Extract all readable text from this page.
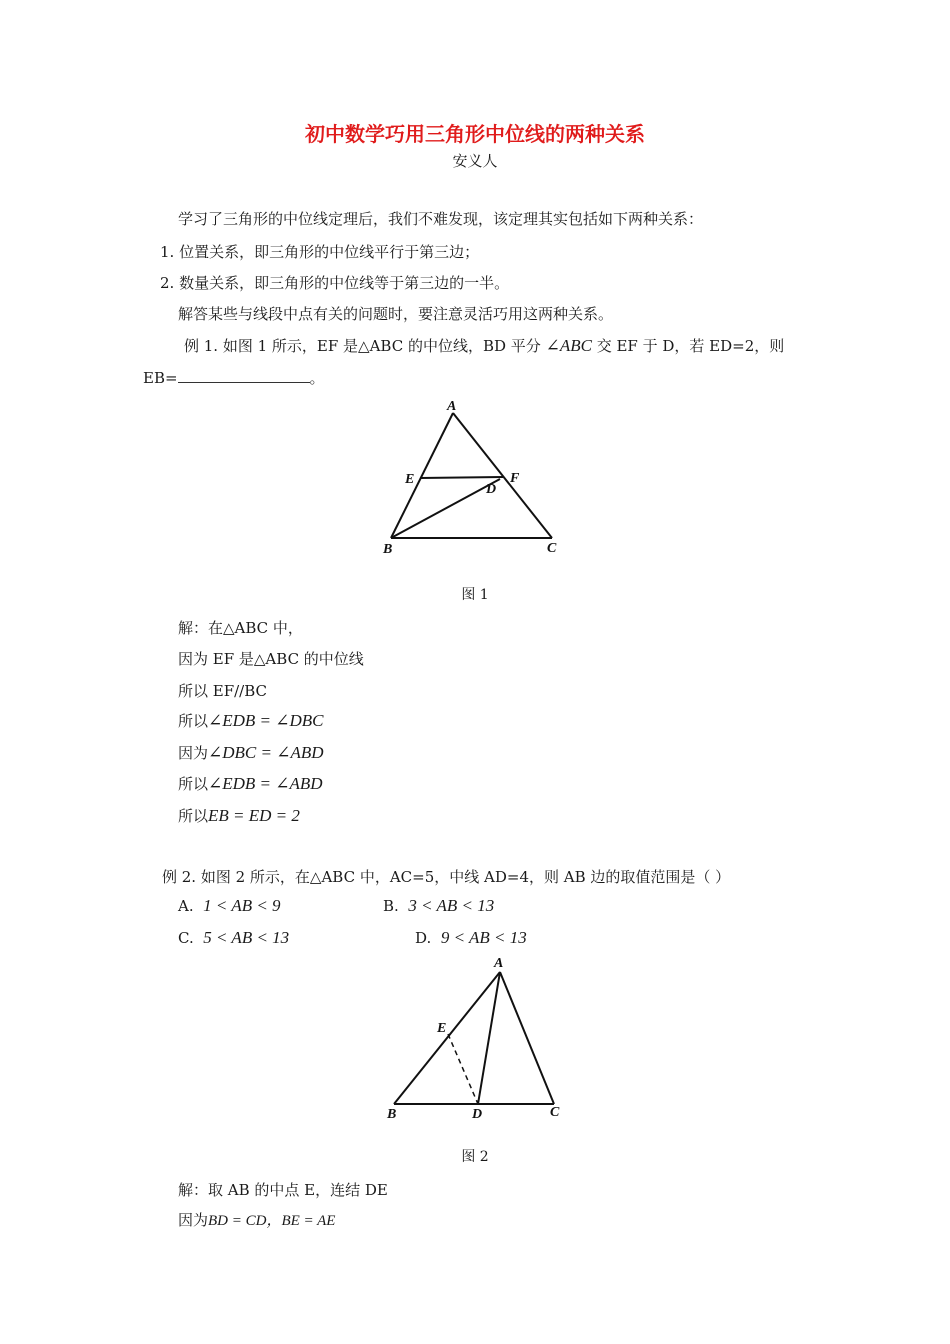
初中数学巧用三角形中位线的两种关系
安义人
学习了三角形的中位线定理后，我们不难发现，该定理其实包括如下两种关系：
1. 位置关系，即三角形的中位线平行于第三边；
2. 数量关系，即三角形的中位线等于第三边的一半。
解答某些与线段中点有关的问题时，要注意灵活巧用这两种关系。
例 1. 如图 1 所示，EF 是△ABC 的中位线，BD 平分 ∠ABC 交 EF 于 D，若 ED=2，则
EB=	。
A
E
D
F
B	C
图 1
解：在△ABC 中，
因为 EF 是△ABC 的中位线
所以 EF//BC
所以∠EDB = ∠DBC
因为∠DBC = ∠ABD
所以∠EDB = ∠ABD
所以EB = ED = 2
例 2. 如图 2 所示，在△ABC 中，AC=5，中线 AD=4，则 AB 边的取值范围是（ ）
A. 1 < AB < 9	B. 3 < AB < 13
C. 5 < AB < 13	D. 9 < AB < 13
A
E
B	D	C
图 2
解：取 AB 的中点 E，连结 DE
因为BD = CD，BE = AE
